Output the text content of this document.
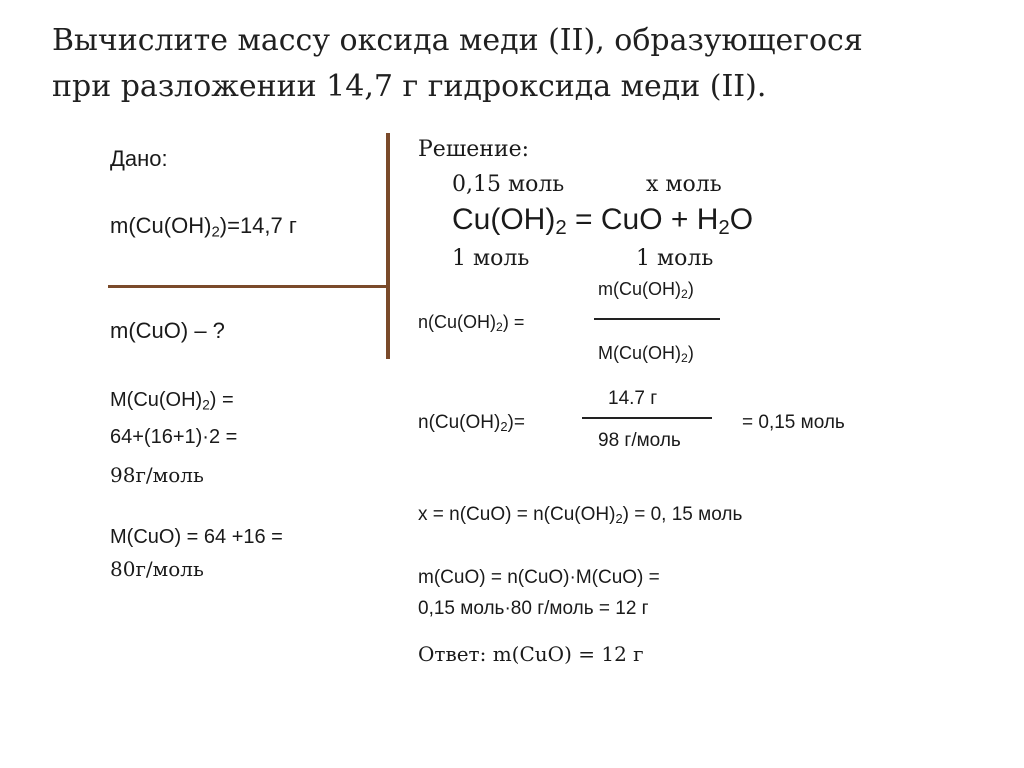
Вычислите массу оксида меди (II), образующегося
при разложении 14,7 г гидроксида меди (II).
Дано:
$m(Cu(OH)_2)=14,7$ г
m(CuO) – ?
$M(Cu(OH)_2)$ =
64+(16+1)·2 =
98г/моль
M(CuO) = 64 +16 =
80г/моль
Решение:
0,15 моль	x моль
$Cu(OH)_2$ = CuO + $H_2O$
1 моль	1 моль
$m(Cu(OH)_2)$
$n(Cu(OH)_2)$ =
$M(Cu(OH)_2)$
14.7 г
$n(Cu(OH)_2)=$	= 0,15 моль
98 г/моль
$x = n(CuO) = n(Cu(OH)_2) = 0$, 15 моль
m(CuO) = n(CuO)·M(CuO) =
0,15 моль·80 г/моль = 12 г
Ответ: m(CuO) = 12 г
